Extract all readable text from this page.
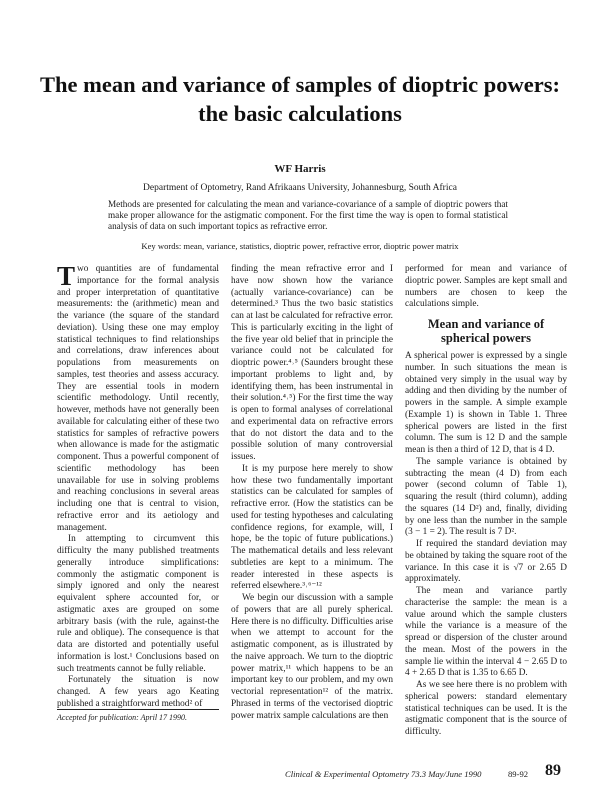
The mean and variance of samples of dioptric powers: the basic calculations
WF Harris
Department of Optometry, Rand Afrikaans University, Johannesburg, South Africa
Methods are presented for calculating the mean and variance-covariance of a sample of dioptric powers that make proper allowance for the astigmatic component. For the first time the way is open to formal statistical analysis of data on such important topics as refractive error.
Key words: mean, variance, statistics, dioptric power, refractive error, dioptric power matrix

Two quantities are of fundamental importance for the formal analysis and proper interpretation of quantitative measurements: the (arithmetic) mean and the variance (the square of the standard deviation). Using these one may employ statistical techniques to find relationships and correlations, draw inferences about populations from measurements on samples, test theories and assess accuracy. They are essential tools in modern scientific methodology. Until recently, however, methods have not generally been available for calculating either of these two statistics for samples of refractive powers when allowance is made for the astigmatic component. Thus a powerful component of scientific methodology has been unavailable for use in solving problems and reaching conclusions in several areas including one that is central to vision, refractive error and its aetiology and management.

In attempting to circumvent this difficulty the many published treatments generally introduce simplifications: commonly the astigmatic component is simply ignored and only the nearest equivalent sphere accounted for, or astigmatic axes are grouped on some arbitrary basis (with the rule, against-the rule and oblique). The consequence is that data are distorted and potentially useful information is lost.¹ Conclusions based on such treatments cannot be fully reliable.

Fortunately the situation is now changed. A few years ago Keating published a straightforward method² of

Accepted for publication: April 17 1990.

finding the mean refractive error and I have now shown how the variance (actually variance-covariance) can be determined.³ Thus the two basic statistics can at last be calculated for refractive error. This is particularly exciting in the light of the five year old belief that in principle the variance could not be calculated for dioptric power.⁴˒⁵ (Saunders brought these important problems to light and, by identifying them, has been instrumental in their solution.⁴˒⁵) For the first time the way is open to formal analyses of correlational and experimental data on refractive errors that do not distort the data and to the possible solution of many controversial issues.

It is my purpose here merely to show how these two fundamentally important statistics can be calculated for samples of refractive error. (How the statistics can be used for testing hypotheses and calculating confidence regions, for example, will, I hope, be the topic of future publications.) The mathematical details and less relevant subtleties are kept to a minimum. The reader interested in these aspects is referred elsewhere.³˒⁶⁻¹²

We begin our discussion with a sample of powers that are all purely spherical. Here there is no difficulty. Difficulties arise when we attempt to account for the astigmatic component, as is illustrated by the naive approach. We turn to the dioptric power matrix,¹¹ which happens to be an important key to our problem, and my own vectorial representation¹² of the matrix. Phrased in terms of the vectorised dioptric power matrix sample calculations are then

performed for mean and variance of dioptric power. Samples are kept small and numbers are chosen to keep the calculations simple.

Mean and variance of spherical powers

A spherical power is expressed by a single number. In such situations the mean is obtained very simply in the usual way by adding and then dividing by the number of powers in the sample. A simple example (Example 1) is shown in Table 1. Three spherical powers are listed in the first column. The sum is 12 D and the sample mean is then a third of 12 D, that is 4 D.

The sample variance is obtained by subtracting the mean (4 D) from each power (second column of Table 1), squaring the result (third column), adding the squares (14 D²) and, finally, dividing by one less than the number in the sample (3 − 1 = 2). The result is 7 D².

If required the standard deviation may be obtained by taking the square root of the variance. In this case it is √7 or 2.65 D approximately.

The mean and variance partly characterise the sample: the mean is a value around which the sample clusters while the variance is a measure of the spread or dispersion of the cluster around the mean. Most of the powers in the sample lie within the interval 4 − 2.65 D to 4 + 2.65 D that is 1.35 to 6.65 D.

As we see here there is no problem with spherical powers: standard elementary statistical techniques can be used. It is the astigmatic component that is the source of difficulty.

Clinical & Experimental Optometry 73.3 May/June 1990	89-92 89
